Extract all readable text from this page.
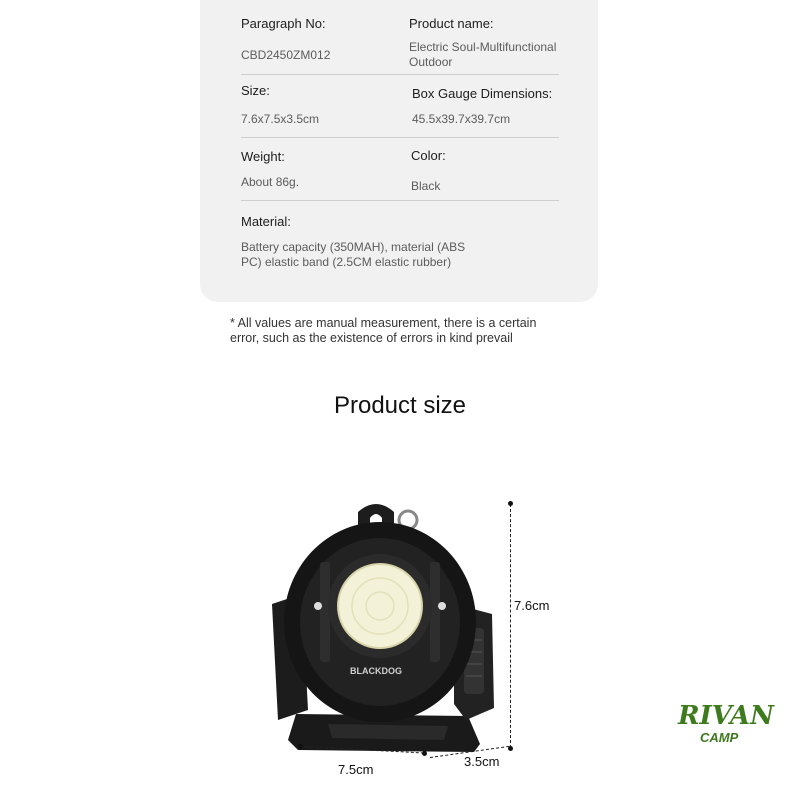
Paragraph No:
CBD2450ZM012
Product name:
Electric Soul-Multifunctional
Outdoor
Size:
7.6x7.5x3.5cm
Box Gauge Dimensions:
45.5x39.7x39.7cm
Weight:
About 86g.
Color:
Black
Material:
Battery capacity (350MAH), material (ABS
PC) elastic band (2.5CM elastic rubber)
* All values are manual measurement, there is a certain
error, such as the existence of errors in kind prevail
Product size
BLACKDOG
7.6cm
7.5cm
3.5cm
RIVAN
CAMP
